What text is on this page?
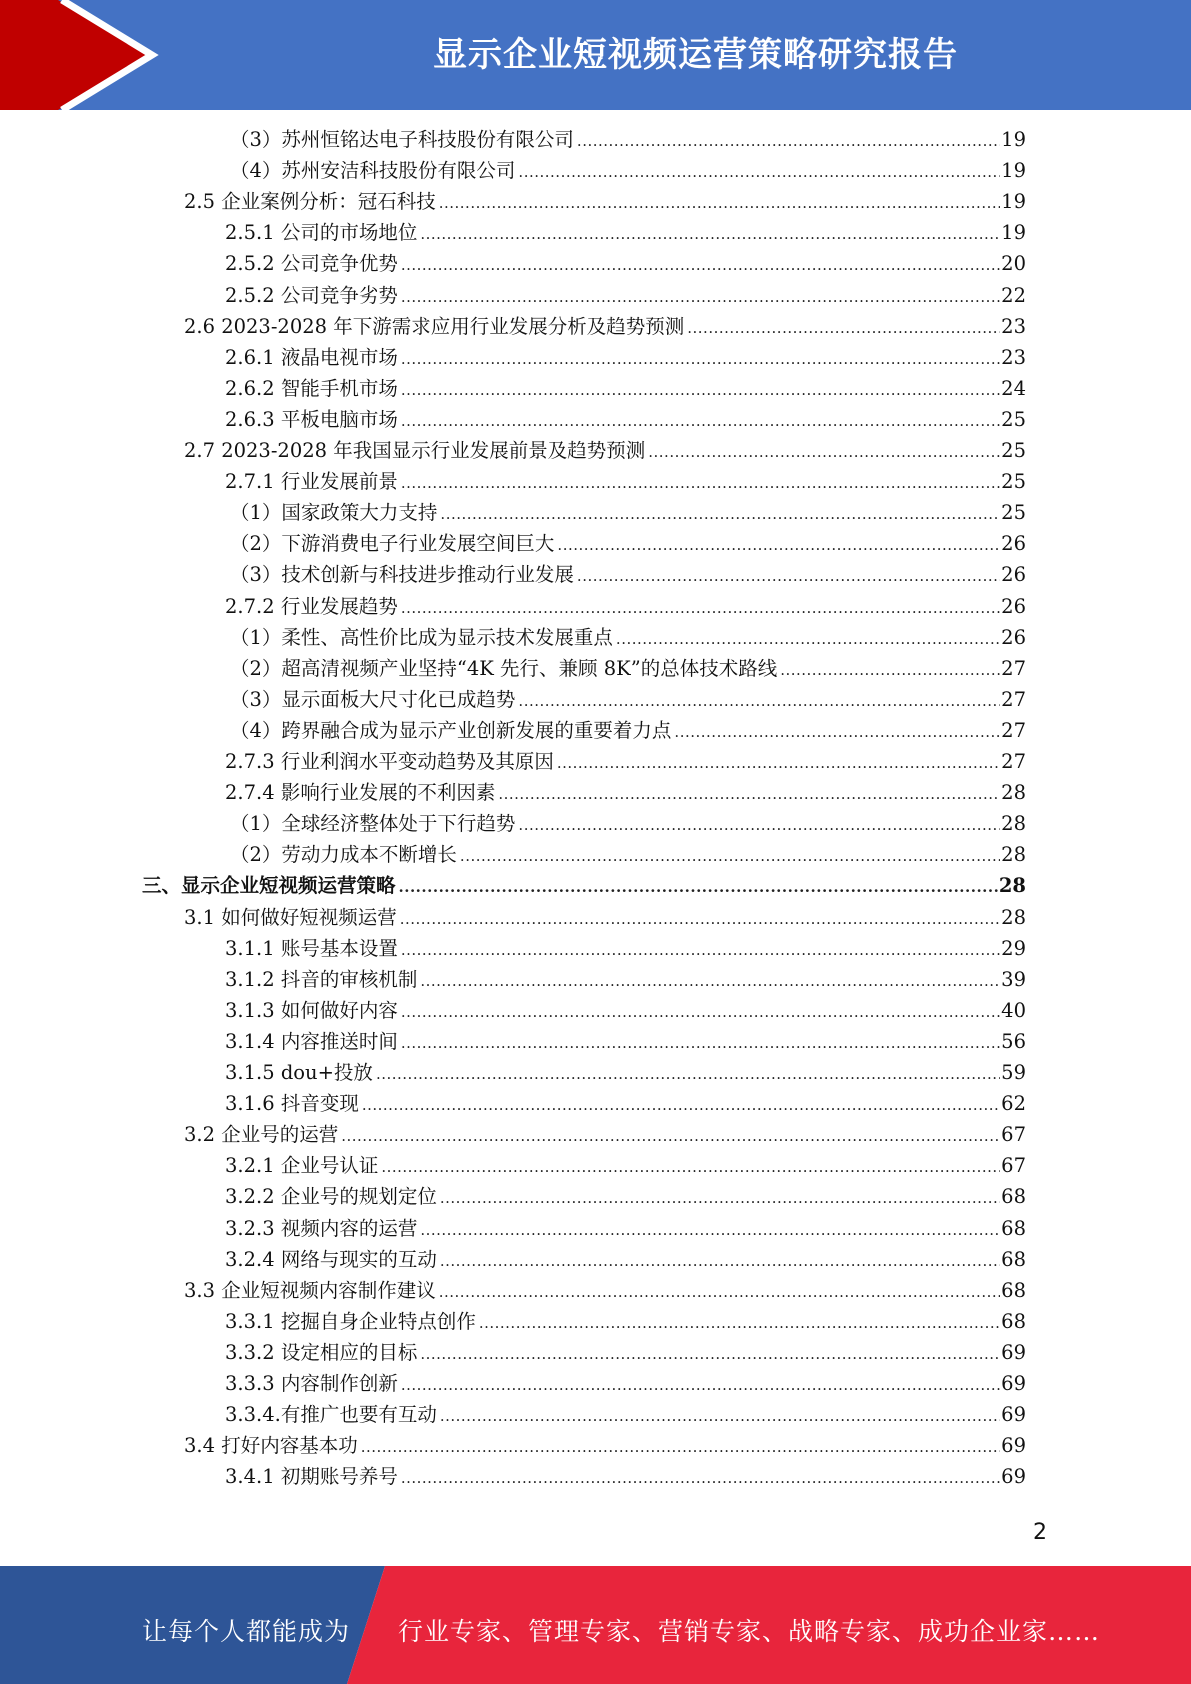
显示企业短视频运营策略研究报告
（3）苏州恒铭达电子科技股份有限公司 .....	19
（4）苏州安洁科技股份有限公司 .....	19
2.5 企业案例分析：冠石科技 .....	19
2.5.1 公司的市场地位 .....	19
2.5.2 公司竞争优势 .....	20
2.5.2 公司竞争劣势 .....	22
2.6 2023-2028 年下游需求应用行业发展分析及趋势预测 .....	23
2.6.1 液晶电视市场 .....	23
2.6.2 智能手机市场 .....	24
2.6.3 平板电脑市场 .....	25
2.7 2023-2028 年我国显示行业发展前景及趋势预测 .....	25
2.7.1 行业发展前景 .....	25
（1）国家政策大力支持 .....	25
（2）下游消费电子行业发展空间巨大 .....	26
（3）技术创新与科技进步推动行业发展 .....	26
2.7.2 行业发展趋势 .....	26
（1）柔性、高性价比成为显示技术发展重点 .....	26
（2）超高清视频产业坚持“4K 先行、兼顾 8K”的总体技术路线 .....	27
（3）显示面板大尺寸化已成趋势 .....	27
（4）跨界融合成为显示产业创新发展的重要着力点 .....	27
2.7.3 行业利润水平变动趋势及其原因 .....	27
2.7.4 影响行业发展的不利因素 .....	28
（1）全球经济整体处于下行趋势 .....	28
（2）劳动力成本不断增长 .....	28
三、显示企业短视频运营策略 .....	28
3.1 如何做好短视频运营 .....	28
3.1.1 账号基本设置 .....	29
3.1.2 抖音的审核机制 .....	39
3.1.3 如何做好内容 .....	40
3.1.4 内容推送时间 .....	56
3.1.5 dou+投放 .....	59
3.1.6 抖音变现 .....	62
3.2 企业号的运营 .....	67
3.2.1 企业号认证 .....	67
3.2.2 企业号的规划定位 .....	68
3.2.3 视频内容的运营 .....	68
3.2.4 网络与现实的互动 .....	68
3.3 企业短视频内容制作建议 .....	68
3.3.1 挖掘自身企业特点创作 .....	68
3.3.2 设定相应的目标 .....	69
3.3.3 内容制作创新 .....	69
3.3.4.有推广也要有互动 .....	69
3.4 打好内容基本功 .....	69
3.4.1 初期账号养号 .....	69
2
让每个人都能成为 行业专家、管理专家、营销专家、战略专家、成功企业家……
